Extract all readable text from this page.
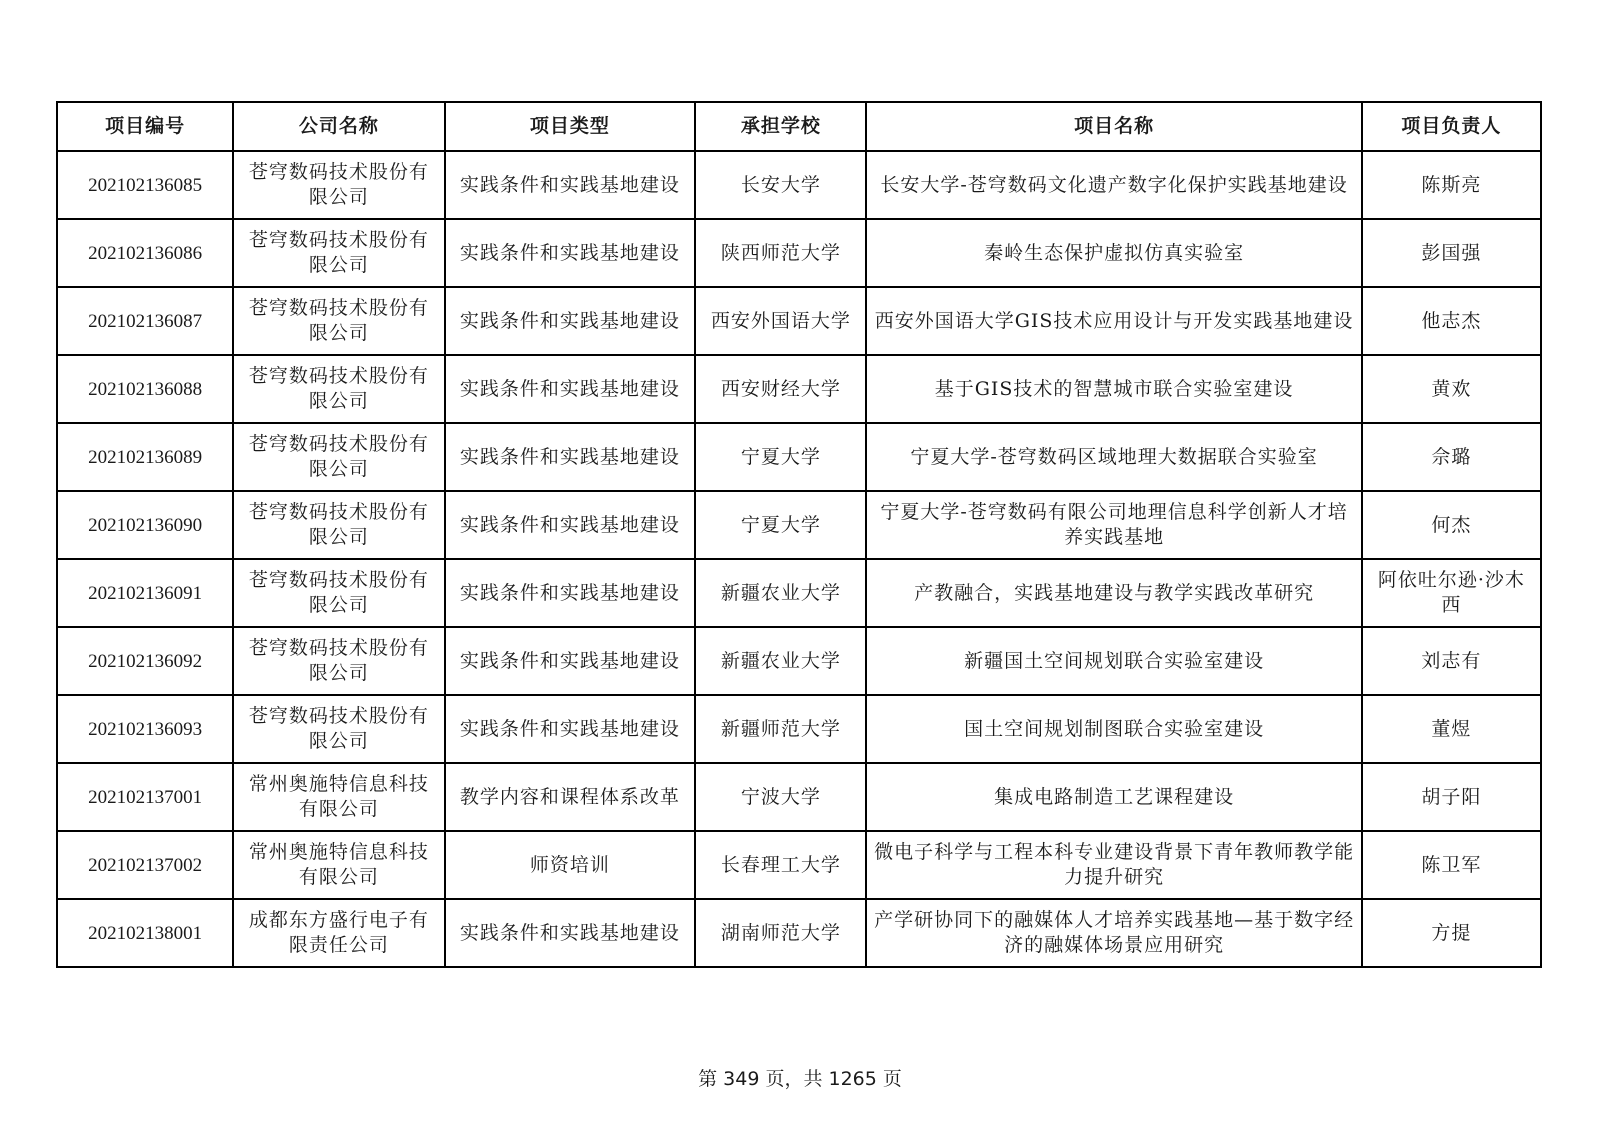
项目编号	公司名称	项目类型	承担学校	项目名称	项目负责人
202102136085	苍穹数码技术股份有限公司	实践条件和实践基地建设	长安大学	长安大学-苍穹数码文化遗产数字化保护实践基地建设	陈斯亮
202102136086	苍穹数码技术股份有限公司	实践条件和实践基地建设	陕西师范大学	秦岭生态保护虚拟仿真实验室	彭国强
202102136087	苍穹数码技术股份有限公司	实践条件和实践基地建设	西安外国语大学	西安外国语大学GIS技术应用设计与开发实践基地建设	他志杰
202102136088	苍穹数码技术股份有限公司	实践条件和实践基地建设	西安财经大学	基于GIS技术的智慧城市联合实验室建设	黄欢
202102136089	苍穹数码技术股份有限公司	实践条件和实践基地建设	宁夏大学	宁夏大学-苍穹数码区域地理大数据联合实验室	佘璐
202102136090	苍穹数码技术股份有限公司	实践条件和实践基地建设	宁夏大学	宁夏大学-苍穹数码有限公司地理信息科学创新人才培养实践基地	何杰
202102136091	苍穹数码技术股份有限公司	实践条件和实践基地建设	新疆农业大学	产教融合，实践基地建设与教学实践改革研究	阿依吐尔逊·沙木西
202102136092	苍穹数码技术股份有限公司	实践条件和实践基地建设	新疆农业大学	新疆国土空间规划联合实验室建设	刘志有
202102136093	苍穹数码技术股份有限公司	实践条件和实践基地建设	新疆师范大学	国土空间规划制图联合实验室建设	董煜
202102137001	常州奥施特信息科技有限公司	教学内容和课程体系改革	宁波大学	集成电路制造工艺课程建设	胡子阳
202102137002	常州奥施特信息科技有限公司	师资培训	长春理工大学	微电子科学与工程本科专业建设背景下青年教师教学能力提升研究	陈卫军
202102138001	成都东方盛行电子有限责任公司	实践条件和实践基地建设	湖南师范大学	产学研协同下的融媒体人才培养实践基地—基于数字经济的融媒体场景应用研究	方提
第 349 页，共 1265 页
